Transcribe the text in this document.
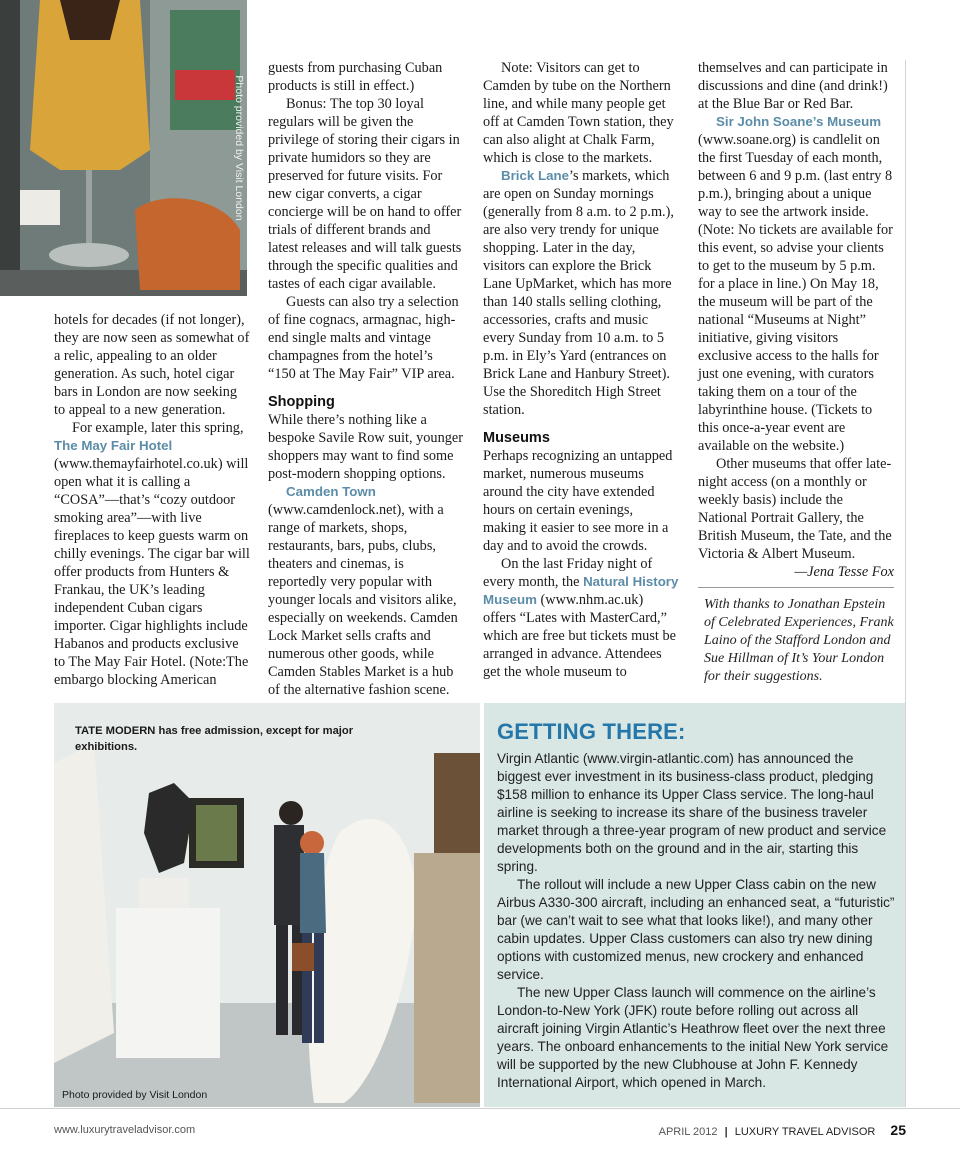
Photo provided by Visit London

hotels for decades (if not longer), they are now seen as somewhat of a relic, appealing to an older generation. As such, hotel cigar bars in London are now seeking to appeal to a new generation.

For example, later this spring, The May Fair Hotel (www.themayfairhotel.co.uk) will open what it is calling a “COSA”—that’s “cozy outdoor smoking area”—with live fireplaces to keep guests warm on chilly evenings. The cigar bar will offer products from Hunters & Frankau, the UK’s leading independent Cuban cigars importer. Cigar highlights include Habanos and products exclusive to The May Fair Hotel. (Note:The embargo blocking American

guests from purchasing Cuban products is still in effect.)

Bonus: The top 30 loyal regulars will be given the privilege of storing their cigars in private humidors so they are preserved for future visits. For new cigar converts, a cigar concierge will be on hand to offer trials of different brands and latest releases and will talk guests through the specific qualities and tastes of each cigar available.

Guests can also try a selection of fine cognacs, armagnac, high-end single malts and vintage champagnes from the hotel’s “150 at The May Fair” VIP area.

Shopping

While there’s nothing like a bespoke Savile Row suit, younger shoppers may want to find some post-modern shopping options.

Camden Town (www.camdenlock.net), with a range of markets, shops, restaurants, bars, pubs, clubs, theaters and cinemas, is reportedly very popular with younger locals and visitors alike, especially on weekends. Camden Lock Market sells crafts and numerous other goods, while Camden Stables Market is a hub of the alternative fashion scene.

Note: Visitors can get to Camden by tube on the Northern line, and while many people get off at Camden Town station, they can also alight at Chalk Farm, which is close to the markets.

Brick Lane’s markets, which are open on Sunday mornings (generally from 8 a.m. to 2 p.m.), are also very trendy for unique shopping. Later in the day, visitors can explore the Brick Lane UpMarket, which has more than 140 stalls selling clothing, accessories, crafts and music every Sunday from 10 a.m. to 5 p.m. in Ely’s Yard (entrances on Brick Lane and Hanbury Street). Use the Shoreditch High Street station.

Museums

Perhaps recognizing an untapped market, numerous museums around the city have extended hours on certain evenings, making it easier to see more in a day and to avoid the crowds.

On the last Friday night of every month, the Natural History Museum (www.nhm.ac.uk) offers “Lates with MasterCard,” which are free but tickets must be arranged in advance. Attendees get the whole museum to

themselves and can participate in discussions and dine (and drink!) at the Blue Bar or Red Bar.

Sir John Soane’s Museum (www.soane.org) is candlelit on the first Tuesday of each month, between 6 and 9 p.m. (last entry 8 p.m.), bringing about a unique way to see the artwork inside. (Note: No tickets are available for this event, so advise your clients to get to the museum by 5 p.m. for a place in line.) On May 18, the museum will be part of the national “Museums at Night” initiative, giving visitors exclusive access to the halls for just one evening, with curators taking them on a tour of the labyrinthine house. (Tickets to this once-a-year event are available on the website.)

Other museums that offer late-night access (on a monthly or weekly basis) include the National Portrait Gallery, the British Museum, the Tate, and the Victoria & Albert Museum.

—Jena Tesse Fox

With thanks to Jonathan Epstein of Celebrated Experiences, Frank Laino of the Stafford London and Sue Hillman of It’s Your London for their suggestions.

TATE MODERN has free admission, except for major exhibitions.
Photo provided by Visit London
GETTING THERE:

Virgin Atlantic (www.virgin-atlantic.com) has announced the biggest ever investment in its business-class product, pledging $158 million to enhance its Upper Class service. The long-haul airline is seeking to increase its share of the business traveler market through a three-year program of new product and service developments both on the ground and in the air, starting this spring.

The rollout will include a new Upper Class cabin on the new Airbus A330-300 aircraft, including an enhanced seat, a “futuristic” bar (we can’t wait to see what that looks like!), and many other cabin updates. Upper Class customers can also try new dining options with customized menus, new crockery and enhanced service.

The new Upper Class launch will commence on the airline’s London-to-New York (JFK) route before rolling out across all aircraft joining Virgin Atlantic’s Heathrow fleet over the next three years. The onboard enhancements to the initial New York service will be supported by the new Clubhouse at John F. Kennedy International Airport, which opened in March.

www.luxurytraveladvisor.com	APRIL 2012 | LUXURY TRAVEL ADVISOR 25
